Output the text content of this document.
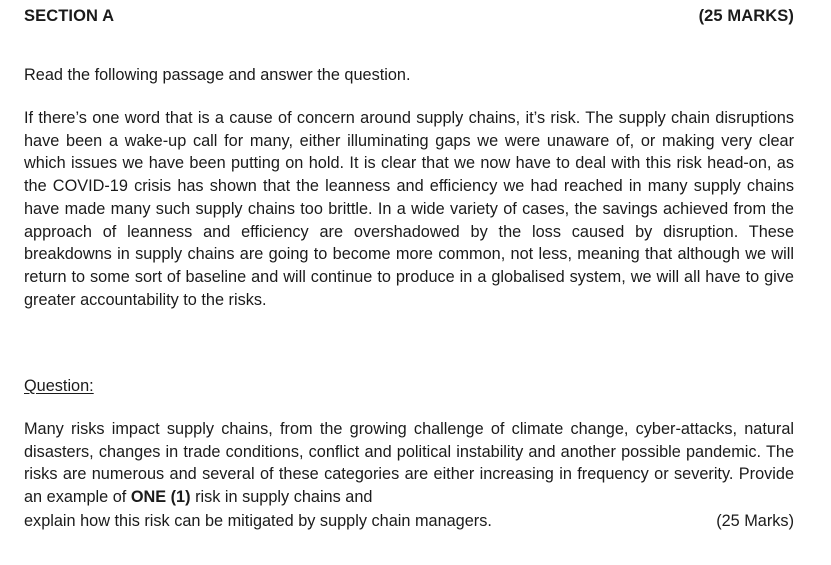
SECTION A	(25 MARKS)
Read the following passage and answer the question.

If there’s one word that is a cause of concern around supply chains, it’s risk. The supply chain disruptions have been a wake-up call for many, either illuminating gaps we were unaware of, or making very clear which issues we have been putting on hold. It is clear that we now have to deal with this risk head-on, as the COVID-19 crisis has shown that the leanness and efficiency we had reached in many supply chains have made many such supply chains too brittle. In a wide variety of cases, the savings achieved from the approach of leanness and efficiency are overshadowed by the loss caused by disruption. These breakdowns in supply chains are going to become more common, not less, meaning that although we will return to some sort of baseline and will continue to produce in a globalised system, we will all have to give greater accountability to the risks.

Question:

Many risks impact supply chains, from the growing challenge of climate change, cyber-attacks, natural disasters, changes in trade conditions, conflict and political instability and another possible pandemic. The risks are numerous and several of these categories are either increasing in frequency or severity. Provide an example of ONE (1) risk in supply chains and

explain how this risk can be mitigated by supply chain managers.	(25 Marks)
